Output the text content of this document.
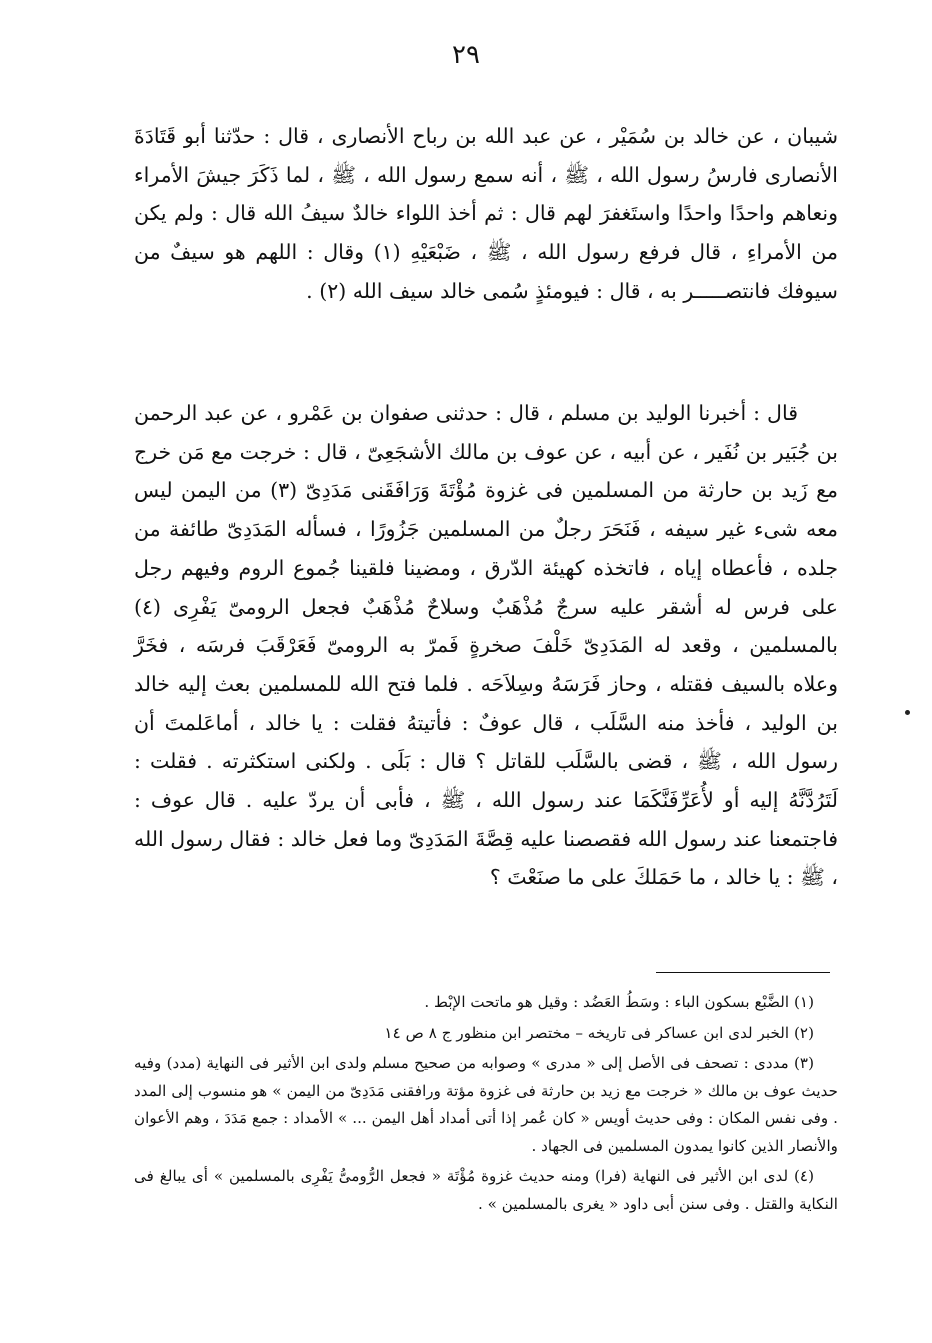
٢٩

شيبان ، عن خالد بن سُمَيْر ، عن عبد الله بن رباح الأنصارى ، قال : حدّثنا أبو قَتَادَةَ الأنصارى فارسُ رسول الله ، ﷺ ، أنه سمع رسول الله ، ﷺ ، لما ذَكَرَ جيشَ الأمراء ونعاهم واحدًا واحدًا واستَغفرَ لهم قال : ثم أخذ اللواء خالدٌ سيفُ الله قال : ولم يكن من الأمراءِ ، قال فرفع رسول الله ، ﷺ ، ضَبْعَيْهِ (١) وقال : اللهم هو سيفٌ من سيوفك فانتصـــــر به ، قال : فيومئذٍ سُمى خالد سيف الله (٢) .

قال : أخبرنا الوليد بن مسلم ، قال : حدثنى صفوان بن عَمْرو ، عن عبد الرحمن بن جُبَير بن نُفَير ، عن أبيه ، عن عوف بن مالك الأشجَعِىّ ، قال : خرجت مع مَن خرج مع زَيد بن حارثة من المسلمين فى غزوة مُؤْتَةَ وَرَافَقَنى مَدَدِىّ (٣) من اليمن ليس معه شىء غير سيفه ، فَنَحَرَ رجلٌ من المسلمين جَزُورًا ، فسأله المَدَدِىّ طائفة من جلده ، فأعطاه إياه ، فاتخذه كهيئة الدّرق ، ومضينا فلقينا جُموع الروم وفيهم رجل على فرس له أشقر عليه سرجٌ مُذْهَبٌ وسلاحٌ مُذْهَبٌ فجعل الرومىّ يَفْرِى (٤) بالمسلمين ، وقعد له المَدَدِىّ خَلْفَ صخرةٍ فَمرّ به الرومىّ فَعَرْقَبَ فرسَه ، فخَرَّ وعلاه بالسيف فقتله ، وحاز فَرَسَهُ وسِلاَحَه . فلما فتح الله للمسلمين بعث إليه خالد بن الوليد ، فأخذ منه السَّلَب ، قال عوفٌ : فأتيتهُ فقلت : يا خالد ، أماعَلمتَ أن رسول الله ، ﷺ ، قضى بالسَّلَب للقاتل ؟ قال : بَلَى . ولكنى استكثرته . فقلت : لَتَرُدَّنَّهُ إليه أو لأُعَرِّفَنَّكَمَا عند رسول الله ، ﷺ ، فأبى أن يردّ عليه . قال عوف : فاجتمعنا عند رسول الله فقصصنا عليه قِصَّةَ المَدَدِىّ وما فعل خالد : فقال رسول الله ، ﷺ : يا خالد ، ما حَمَلكَ على ما صنَعْتَ ؟

(١) الضَّبْع بسكون الباء : وسَطُ العَضُد : وقيل هو ماتحت الإبْط .

(٢) الخبر لدى ابن عساكر فى تاريخه – مختصر ابن منظور ج ٨ ص ١٤

(٣) مددى : تصحف فى الأصل إلى « مدرى » وصوابه من صحيح مسلم ولدى ابن الأثير فى النهاية (مدد) وفيه حديث عوف بن مالك « خرجت مع زيد بن حارثة فى غزوة مؤتة ورافقنى مَدَدِىّ من اليمن » هو منسوب إلى المدد . وفى نفس المكان : وفى حديث أويس « كان عُمر إذا أتى أمداد أهل اليمن ... » الأمداد : جمع مَدَدَ ، وهم الأعوان والأنصار الذين كانوا يمدون المسلمين فى الجهاد .

(٤) لدى ابن الأثير فى النهاية (فرا) ومنه حديث غزوة مُؤْتَة « فجعل الرُّومىُّ يَفْرِى بالمسلمين » أى يبالغ فى النكاية والقتل . وفى سنن أبى داود « يغرى بالمسلمين » .
